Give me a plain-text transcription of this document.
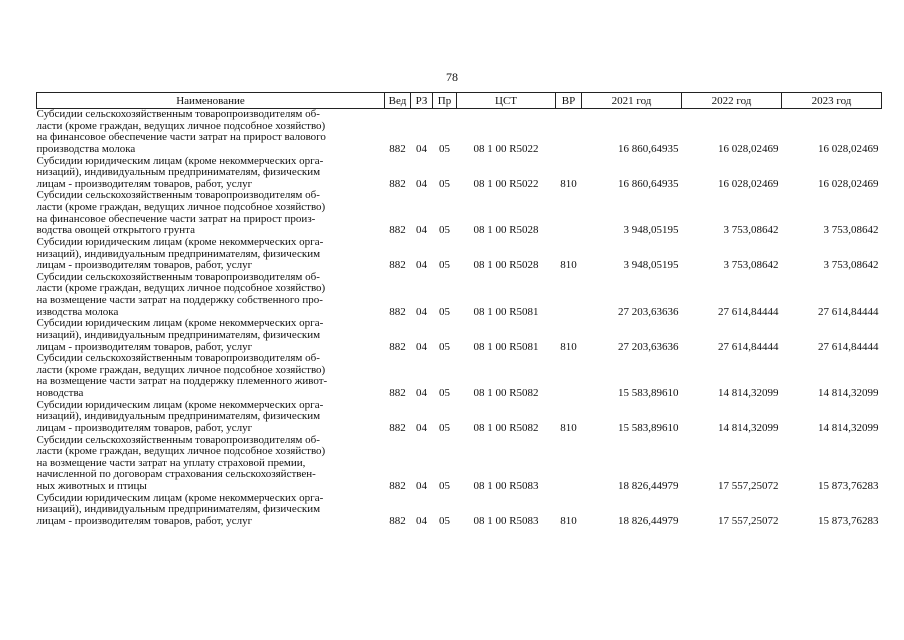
78
Наименование	Вед	РЗ	Пр	ЦСТ	ВР	2021 год	2022 год	2023 год

Субсидии сельскохозяйственным товаропроизводителям об-
ласти (кроме граждан, ведущих личное подсобное хозяйство)
на финансовое обеспечение части затрат на прирост валового
производства молока	882	04	05	08 1 00 R5022		16 860,64935	16 028,02469	16 028,02469

Субсидии юридическим лицам (кроме некоммерческих орга-
низаций), индивидуальным предпринимателям, физическим
лицам - производителям товаров, работ, услуг	882	04	05	08 1 00 R5022	810	16 860,64935	16 028,02469	16 028,02469

Субсидии сельскохозяйственным товаропроизводителям об-
ласти (кроме граждан, ведущих личное подсобное хозяйство)
на финансовое обеспечение части затрат на прирост произ-
водства овощей открытого грунта	882	04	05	08 1 00 R5028		3 948,05195	3 753,08642	3 753,08642

Субсидии юридическим лицам (кроме некоммерческих орга-
низаций), индивидуальным предпринимателям, физическим
лицам - производителям товаров, работ, услуг	882	04	05	08 1 00 R5028	810	3 948,05195	3 753,08642	3 753,08642

Субсидии сельскохозяйственным товаропроизводителям об-
ласти (кроме граждан, ведущих личное подсобное хозяйство)
на возмещение части затрат на поддержку собственного про-
изводства молока	882	04	05	08 1 00 R5081		27 203,63636	27 614,84444	27 614,84444

Субсидии юридическим лицам (кроме некоммерческих орга-
низаций), индивидуальным предпринимателям, физическим
лицам - производителям товаров, работ, услуг	882	04	05	08 1 00 R5081	810	27 203,63636	27 614,84444	27 614,84444

Субсидии сельскохозяйственным товаропроизводителям об-
ласти (кроме граждан, ведущих личное подсобное хозяйство)
на возмещение части затрат на поддержку племенного живот-
новодства	882	04	05	08 1 00 R5082		15 583,89610	14 814,32099	14 814,32099

Субсидии юридическим лицам (кроме некоммерческих орга-
низаций), индивидуальным предпринимателям, физическим
лицам - производителям товаров, работ, услуг	882	04	05	08 1 00 R5082	810	15 583,89610	14 814,32099	14 814,32099

Субсидии сельскохозяйственным товаропроизводителям об-
ласти (кроме граждан, ведущих личное подсобное хозяйство)
на возмещение части затрат на уплату страховой премии,
начисленной по договорам страхования сельскохозяйствен-
ных животных и птицы	882	04	05	08 1 00 R5083		18 826,44979	17 557,25072	15 873,76283

Субсидии юридическим лицам (кроме некоммерческих орга-
низаций), индивидуальным предпринимателям, физическим
лицам - производителям товаров, работ, услуг	882	04	05	08 1 00 R5083	810	18 826,44979	17 557,25072	15 873,76283
